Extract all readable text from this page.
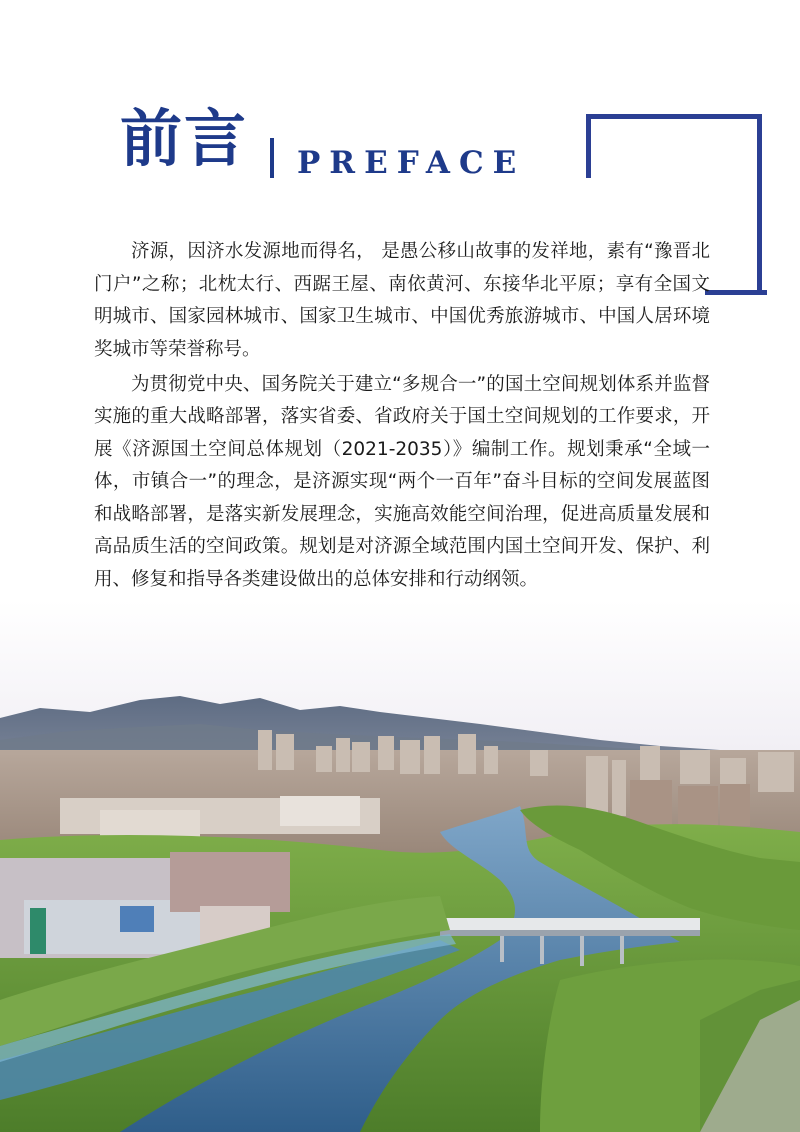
前言 PREFACE

济源，因济水发源地而得名， 是愚公移山故事的发祥地，素有“豫晋北门户”之称；北枕太行、西踞王屋、南依黄河、东接华北平原；享有全国文明城市、国家园林城市、国家卫生城市、中国优秀旅游城市、中国人居环境奖城市等荣誉称号。

为贯彻党中央、国务院关于建立“多规合一”的国土空间规划体系并监督实施的重大战略部署，落实省委、省政府关于国土空间规划的工作要求，开展《济源国土空间总体规划（2021-2035）》编制工作。规划秉承“全域一体，市镇合一”的理念，是济源实现“两个一百年”奋斗目标的空间发展蓝图和战略部署，是落实新发展理念，实施高效能空间治理，促进高质量发展和高品质生活的空间政策。规划是对济源全域范围内国土空间开发、保护、利用、修复和指导各类建设做出的总体安排和行动纲领。
